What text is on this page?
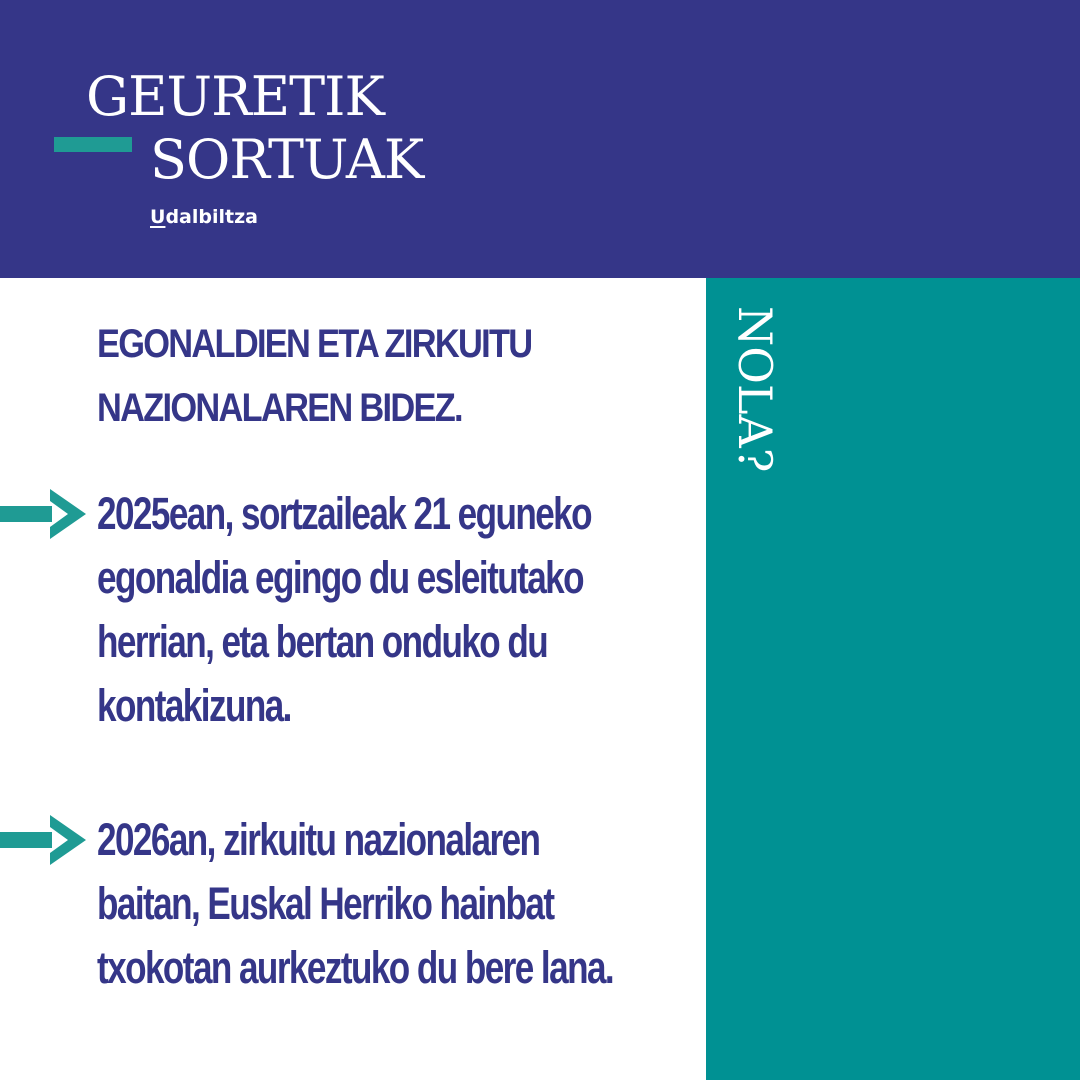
GEURETIK
SORTUAK
Udalbiltza
NOLA?
EGONALDIEN ETA ZIRKUITU NAZIONALAREN BIDEZ.
2025ean, sortzaileak 21 eguneko egonaldia egingo du esleitutako herrian, eta bertan onduko du kontakizuna.
2026an, zirkuitu nazionalaren baitan, Euskal Herriko hainbat txokotan aurkeztuko du bere lana.
